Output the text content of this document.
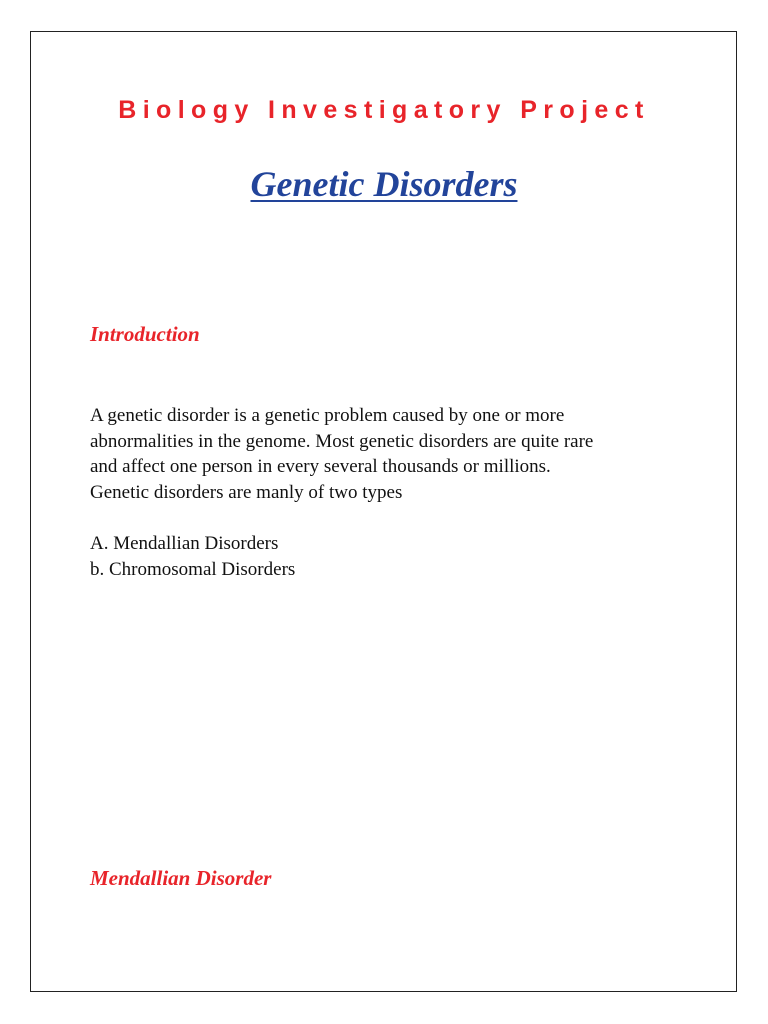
Biology Investigatory Project
Genetic Disorders
Introduction
A genetic disorder is a genetic problem caused by one or more
abnormalities in the genome. Most genetic disorders are quite rare
and affect one person in every several thousands or millions.
Genetic disorders are manly of two types
A. Mendallian Disorders
b. Chromosomal Disorders
Mendallian Disorder
